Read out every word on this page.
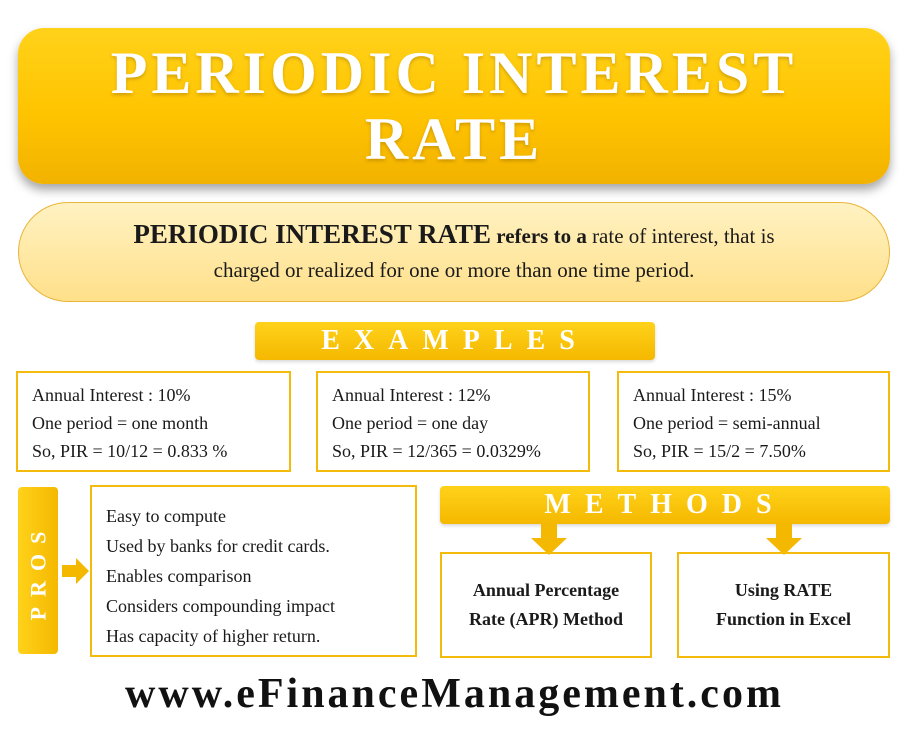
PERIODIC INTEREST
RATE
PERIODIC INTEREST RATE refers to a rate of interest, that is
charged or realized for one or more than one time period.
EXAMPLES
Annual Interest : 10%
One period = one month
So, PIR = 10/12 = 0.833 %
Annual Interest : 12%
One period = one day
So, PIR = 12/365 = 0.0329%
Annual Interest : 15%
One period = semi-annual
So, PIR = 15/2 = 7.50%
PROS
Easy to compute
Used by banks for credit cards.
Enables comparison
Considers compounding impact
Has capacity of higher return.
METHODS
Annual Percentage
Rate (APR) Method
Using RATE
Function in Excel
www.eFinanceManagement.com
